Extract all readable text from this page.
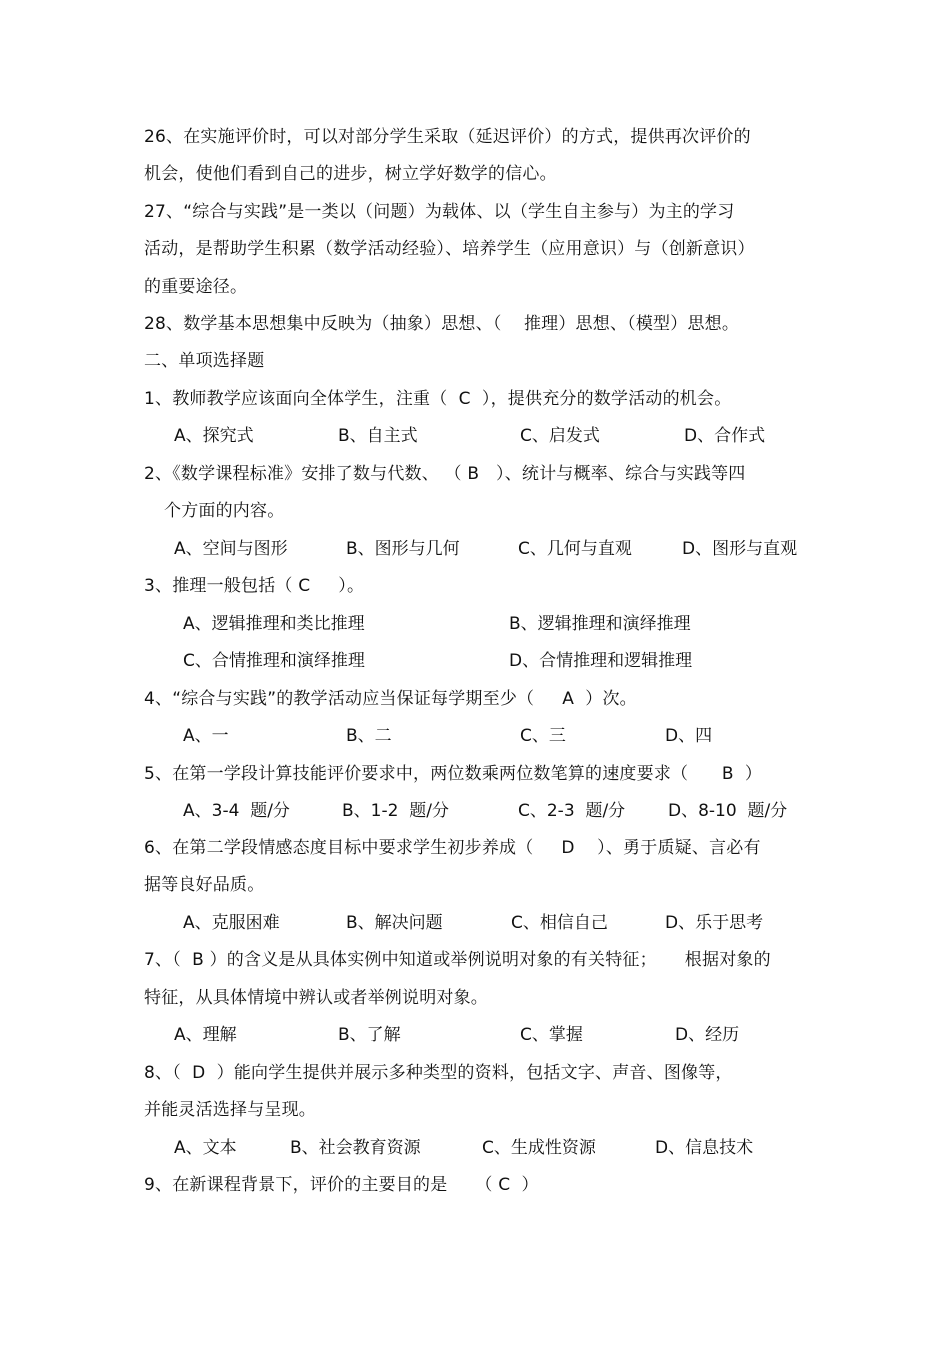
26、在实施评价时，可以对部分学生采取（延迟评价）的方式，提供再次评价的
机会，使他们看到自己的进步，树立学好数学的信心。
27、“综合与实践”是一类以（问题）为载体、以（学生自主参与）为主的学习
活动，是帮助学生积累（数学活动经验）、培养学生（应用意识）与（创新意识）
的重要途径。
28、数学基本思想集中反映为（抽象）思想、（    推理）思想、（模型）思想。
二、单项选择题
1、教师教学应该面向全体学生，注重（  C  ），提供充分的数学活动的机会。
A、探究式	B、自主式	C、启发式	D、合作式
2、《数学课程标准》安排了数与代数、 （ B   ）、统计与概率、综合与实践等四
个方面的内容。
A、空间与图形	B、图形与几何	C、几何与直观	D、图形与直观
3、推理一般包括（ C     ）。
A、逻辑推理和类比推理	B、逻辑推理和演绎推理
C、合情推理和演绎推理	D、合情推理和逻辑推理
4、“综合与实践”的教学活动应当保证每学期至少（     A  ）次。
A、一	B、二	C、三	D、四
5、在第一学段计算技能评价要求中，两位数乘两位数笔算的速度要求（      B  ）
A、3-4  题/分	B、1-2  题/分	C、2-3  题/分	D、8-10  题/分
6、在第二学段情感态度目标中要求学生初步养成（     D    ）、勇于质疑、言必有
据等良好品质。
A、克服困难	B、解决问题	C、相信自己	D、乐于思考
7、（  B ）的含义是从具体实例中知道或举例说明对象的有关特征；     根据对象的
特征，从具体情境中辨认或者举例说明对象。
A、理解	B、了解	C、掌握	D、经历
8、（  D  ）能向学生提供并展示多种类型的资料，包括文字、声音、图像等，
并能灵活选择与呈现。
A、文本	B、社会教育资源	C、生成性资源	D、信息技术
9、在新课程背景下，评价的主要目的是     （ C  ）
